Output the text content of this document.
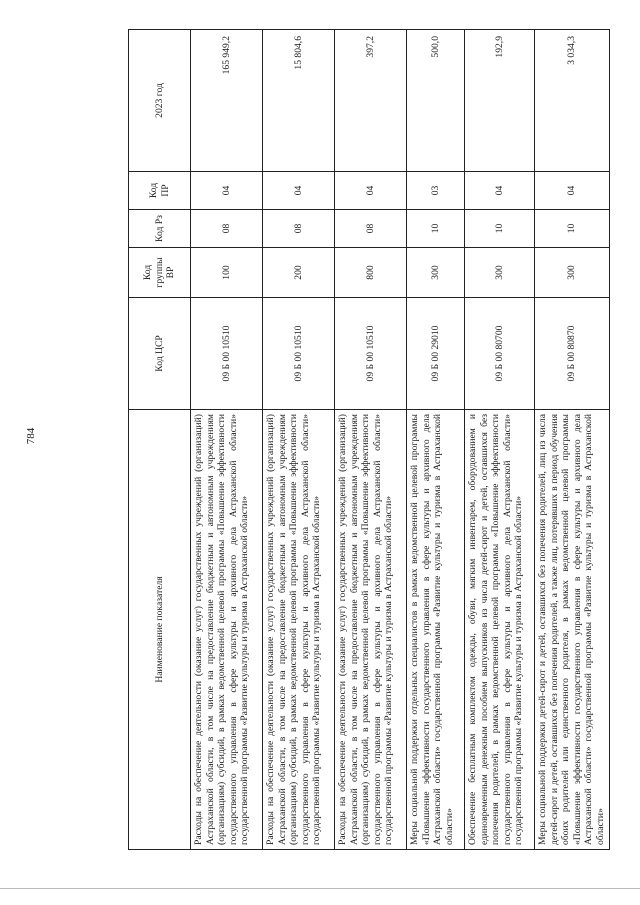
784
Наименование показателя	Код ЦСР	Код группы ВР	Код Рз	Код ПР	2023 год
Расходы на обеспечение деятельности (оказание услуг) государственных учреждений (организаций) Астраханской области, в том числе на предоставление бюджетным и автономным учреждениям (организациям) субсидий, в рамках ведомственной целевой программы «Повышение эффективности государственного управления в сфере культуры и архивного дела Астраханской области» государственной программы «Развитие культуры и туризма в Астраханской области»	09 Б 00 10510	100	08	04	165 949,2
Расходы на обеспечение деятельности (оказание услуг) государственных учреждений (организаций) Астраханской области, в том числе на предоставление бюджетным и автономным учреждениям (организациям) субсидий, в рамках ведомственной целевой программы «Повышение эффективности государственного управления в сфере культуры и архивного дела Астраханской области» государственной программы «Развитие культуры и туризма в Астраханской области»	09 Б 00 10510	200	08	04	15 804,6
Расходы на обеспечение деятельности (оказание услуг) государственных учреждений (организаций) Астраханской области, в том числе на предоставление бюджетным и автономным учреждениям (организациям) субсидий, в рамках ведомственной целевой программы «Повышение эффективности государственного управления в сфере культуры и архивного дела Астраханской области» государственной программы «Развитие культуры и туризма в Астраханской области»	09 Б 00 10510	800	08	04	397,2
Меры социальной поддержки отдельных специалистов в рамках ведомственной целевой программы «Повышение эффективности государственного управления в сфере культуры и архивного дела Астраханской области» государственной программы «Развитие культуры и туризма в Астраханской области»	09 Б 00 29010	300	10	03	500,0
Обеспечение бесплатным комплектом одежды, обуви, мягким инвентарем, оборудованием и единовременным денежным пособием выпускников из числа детей-сирот и детей, оставшихся без попечения родителей, в рамках ведомственной целевой программы «Повышение эффективности государственного управления в сфере культуры и архивного дела Астраханской области» государственной программы «Развитие культуры и туризма в Астраханской области»	09 Б 00 80700	300	10	04	192,9
Меры социальной поддержки детей-сирот и детей, оставшихся без попечения родителей, лиц из числа детей-сирот и детей, оставшихся без попечения родителей, а также лиц, потерявших в период обучения обоих родителей или единственного родителя, в рамках ведомственной целевой программы «Повышение эффективности государственного управления в сфере культуры и архивного дела Астраханской области» государственной программы «Развитие культуры и туризма в Астраханской области»	09 Б 00 80870	300	10	04	3 034,3
